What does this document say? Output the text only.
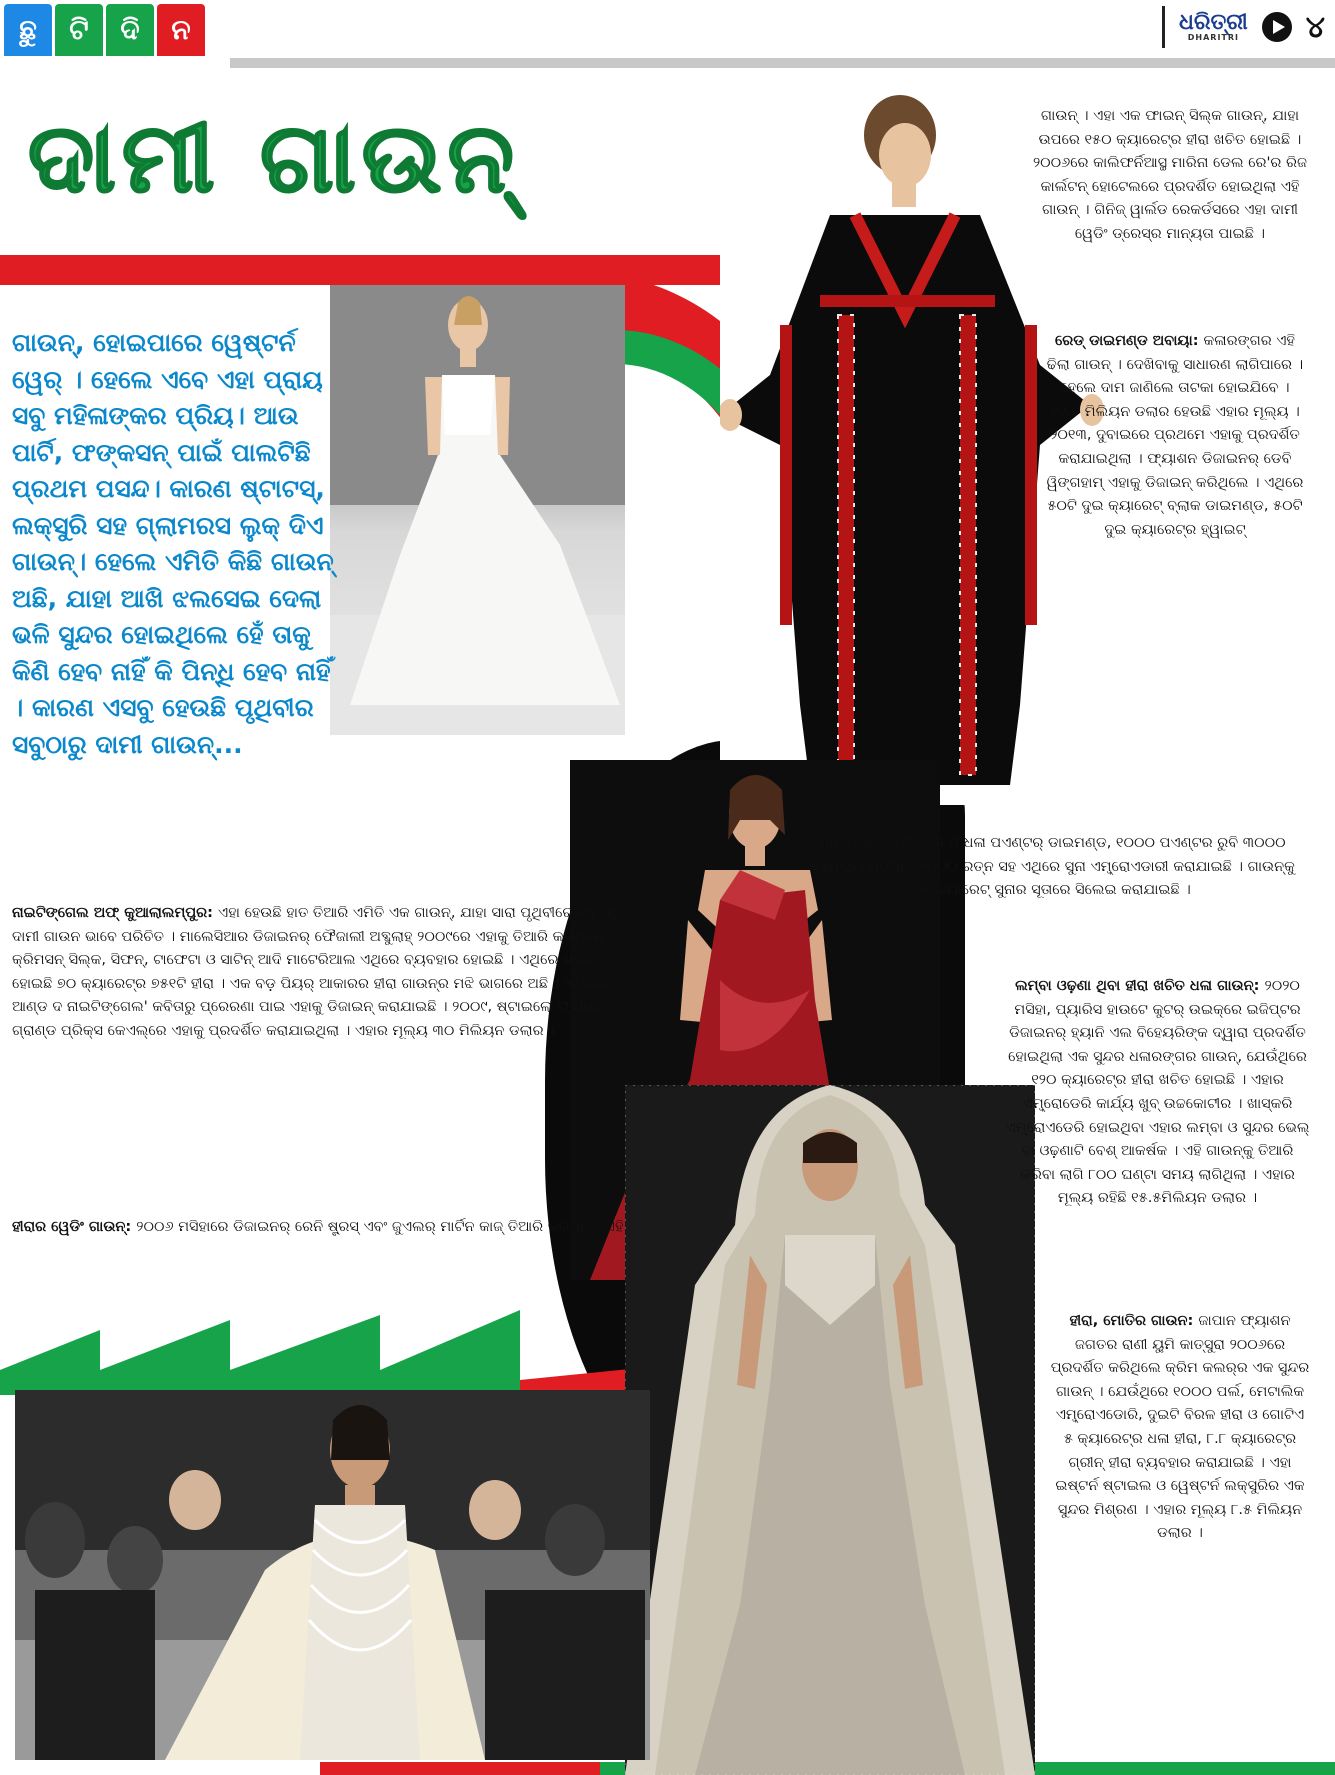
ଛୁ	ଟି	ଦି	ନ	ଧରିତ୍ରୀ
DHARITRI ୪
ଦାମୀ ଗାଉନ୍
ଗାଉନ୍, ହୋଇପାରେ ୱେଷ୍ଟର୍ନ ୱେର୍ । ହେଲେ ଏବେ ଏହା ପ୍ରାୟ ସବୁ ମହିଳାଙ୍କର ପ୍ରିୟ। ଆଉ ପାର୍ଟି, ଫଙ୍କସନ୍ ପାଇଁ ପାଲଟିଛି ପ୍ରଥମ ପସନ୍ଦ। କାରଣ ଷ୍ଟାଟସ୍, ଲକ୍ସୁରି ସହ ଗ୍ଲାମରସ ଲୁକ୍ ଦିଏ ଗାଉନ୍। ହେଲେ ଏମିତି କିଛି ଗାଉନ୍ ଅଛି, ଯାହା ଆଖି ଝଲସେଇ ଦେଲା ଭଳି ସୁନ୍ଦର ହୋଇଥିଲେ ହେଁ ତାକୁ କିଣି ହେବ ନାହିଁ କି ପିନ୍ଧି ହେବ ନାହିଁ । କାରଣ ଏସବୁ ହେଉଛି ପୃଥିବୀର ସବୁଠାରୁ ଦାମୀ ଗାଉନ୍...
ନାଇଟିଙ୍ଗେଲ ଅଫ୍ କୁଆଲାଲମ୍ପୁର: ଏହା ହେଉଛି ହାତ ତିଆରି ଏମିତି ଏକ ଗାଉନ୍, ଯାହା ସାରା ପୃଥିବୀରେ ସବୁଠାରୁ ଦାମୀ ଗାଉନ ଭାବେ ପରିଚିତ । ମାଲେସିଆର ଡିଜାଇନର୍ ଫୈଜାଲୀ ଅବ୍ଦୁଲାହ୍ ୨୦୦୯ରେ ଏହାକୁ ତିଆରି କରିଥିଲେ । କ୍ରିମସନ୍ ସିଲ୍କ, ସିଫନ୍, ଟାଫେଟା ଓ ସାଟିନ୍ ଆଦି ମାଟେରିଆଲ ଏଥିରେ ବ୍ୟବହାର ହୋଇଛି । ଏଥିରେ ଖଚିତ ହୋଇଛି ୭୦ କ୍ୟାରେଟ୍‌ର ୭୫୧ଟି ହୀରା । ଏକ ବଡ଼ ପିୟର୍ ଆକାରର ହୀରା ଗାଉନ୍‌ର ମଝି ଭାଗରେ ଅଛି । 'ଦ ରୋଜ ଆଣ୍ଡ ଦ ନାଇଟିଙ୍ଗେଲ' କବିତାରୁ ପ୍ରେରଣା ପାଇ ଏହାକୁ ଡିଜାଇନ୍ କରାଯାଇଛି । ୨୦୦୯, ଷ୍ଟାଇଲୋ ଫ୍ୟାଶନ ଗ୍ରାଣ୍ଡ ପ୍ରିକ୍ସ କେଏଲ୍‌ରେ ଏହାକୁ ପ୍ରଦର୍ଶିତ କରାଯାଇଥିଲା । ଏହାର ମୂଲ୍ୟ ୩୦ ମିଲିୟନ ଡଲାର ।
ହୀରାର ୱେଡିଂ ଗାଉନ୍: ୨୦୦୬ ମସିହାରେ ଡିଜାଇନର୍ ରେନି ଷ୍ଟ୍ରସ୍ ଏବଂ ଜୁଏଲର୍ ମାର୍ଟିନ କାଜ୍ ତିଆରି କରିଥିଲେ ଏହି
ଗାଉନ୍ । ଏହା ଏକ ଫାଇନ୍ ସିଲ୍କ ଗାଉନ୍, ଯାହା ଉପରେ ୧୫୦ କ୍ୟାରେଟ୍‌ର ହୀରା ଖଚିତ ହୋଇଛି । ୨୦୦୬ରେ କାଲିଫର୍ନିଆସ୍ଥ ମାରିନା ଡେଲ ରେ'ର ରିଜ କାର୍ଲଟନ୍ ହୋଟେଲରେ ପ୍ରଦର୍ଶିତ ହୋଇଥିଲା ଏହି ଗାଉନ୍ । ଗିନିଜ୍ ୱାର୍ଲଡ ରେକର୍ଡସରେ ଏହା ଦାମୀ ୱେଡିଂ ଡ୍ରେସ୍‌ର ମାନ୍ୟତା ପାଇଛି ।
ରେଡ୍ ଡାଇମଣ୍ଡ ଅବାୟା: କଳାରଙ୍ଗର ଏହି ଢିଲା ଗାଉନ୍ । ଦେଖିବାକୁ ସାଧାରଣ ଲାଗିପାରେ । ହେଲେ ଦାମ ଜାଣିଲେ ତାଟକା ହୋଇଯିବେ । ୧୭.୭ ମିଲିୟନ ଡଲାର ହେଉଛି ଏହାର ମୂଲ୍ୟ । ୨୦୧୩, ଦୁବାଇରେ ପ୍ରଥମେ ଏହାକୁ ପ୍ରଦର୍ଶିତ କରାଯାଇଥିଲା । ଫ୍ୟାଶନ ଡିଜାଇନର୍ ଡେବି ୱିଙ୍ଗହାମ୍ ଏହାକୁ ଡିଜାଇନ୍ କରିଥିଲେ । ଏଥିରେ ୫୦ଟି ଦୁଇ କ୍ୟାରେଟ୍ ବ୍ଲାକ ଡାଇମଣ୍ଡ, ୫୦ଟି ଦୁଇ କ୍ୟାରେଟ୍‌ର ହ୍ୱାଇଟ୍
ଡାଇମଣ୍ଡ, ୧୮୯୯ କଳା ଓ ଧଳା ପଏଣ୍ଟର୍ ଡାଇମଣ୍ଡ, ୧୦୦୦ ପଏଣ୍ଟର ରୁବି ୩୦୦୦ ବହୁମୂଲ୍ୟ ଷ୍ଟୋନ୍, ୨୦୦୦ ରତ୍ନ ସହ ଏଥିରେ ସୁନା ଏମ୍ବ୍ରୋଏଡାରୀ କରାଯାଇଛି । ଗାଉନ୍‌କୁ ୧୪ କ୍ୟାରେଟ୍ ସୁନାର ସୂତାରେ ସିଲେଇ କରାଯାଇଛି ।
ଲମ୍ବା ଓଢ଼ଣା ଥିବା ହୀରା ଖଚିତ ଧଳା ଗାଉନ୍: ୨୦୨୦ ମସିହା, ପ୍ୟାରିସ ହାଉଟେ କୁଟର୍ ଉଇକ୍‌ରେ ଇଜିପ୍ଟର ଡିଜାଇନର୍ ହ୍ୟାନି ଏଲ ବିହେୟରିଙ୍କ ଦ୍ୱାରା ପ୍ରଦର୍ଶିତ ହୋଇଥିଲା ଏକ ସୁନ୍ଦର ଧଳାରଙ୍ଗର ଗାଉନ୍, ଯେଉଁଥିରେ ୧୨୦ କ୍ୟାରେଟ୍‌ର ହୀରା ଖଚିତ ହୋଇଛି । ଏହାର ଏମ୍ବ୍ରୋଡେରି କାର୍ଯ୍ୟ ଖୁବ୍ ଉଚ୍ଚକୋଟୀର । ଖାସ୍‌କରି ଏମ୍ବ୍ରୋଏଡେରି ହୋଇଥିବା ଏହାର ଲମ୍ବା ଓ ସୁନ୍ଦର ଭେଲ୍ ବା ଓଢ଼ଣାଟି ବେଶ୍ ଆକର୍ଷକ । ଏହି ଗାଉନ୍‌କୁ ତିଆରି କରିବା ଲାଗି ୮୦୦ ଘଣ୍ଟା ସମୟ ଲାଗିଥିଲା । ଏହାର ମୂଲ୍ୟ ରହିଛି ୧୫.୫ମିଲିୟନ ଡଲାର ।
ହୀରା, ମୋତିର ଗାଉନ: ଜାପାନ ଫ୍ୟାଶନ ଜଗତର ରାଣୀ ୟୁମି କାତ୍ସୁରା ୨୦୦୬ରେ ପ୍ରଦର୍ଶିତ କରିଥିଲେ କ୍ରିମ କଲର୍‌ର ଏକ ସୁନ୍ଦର ଗାଉନ୍ । ଯେଉଁଥିରେ ୧୦୦୦ ପର୍ଲ, ମେଟାଲିକ ଏମ୍ବ୍ରୋଏଡୋରି, ଦୁଇଟି ବିରଳ ହୀରା ଓ ଗୋଟିଏ ୫ କ୍ୟାରେଟ୍‌ର ଧଳା ହୀରା, ୮.୮ କ୍ୟାରେଟ୍‌ର ଗ୍ରୀନ୍ ହୀରା ବ୍ୟବହାର କରାଯାଇଛି । ଏହା ଇଷ୍ଟର୍ନ ଷ୍ଟାଇଲ ଓ ୱେଷ୍ଟର୍ନ ଲକ୍ସୁରିର ଏକ ସୁନ୍ଦର ମିଶ୍ରଣ । ଏହାର ମୂଲ୍ୟ ୮.୫ ମିଲିୟନ ଡଲାର ।
